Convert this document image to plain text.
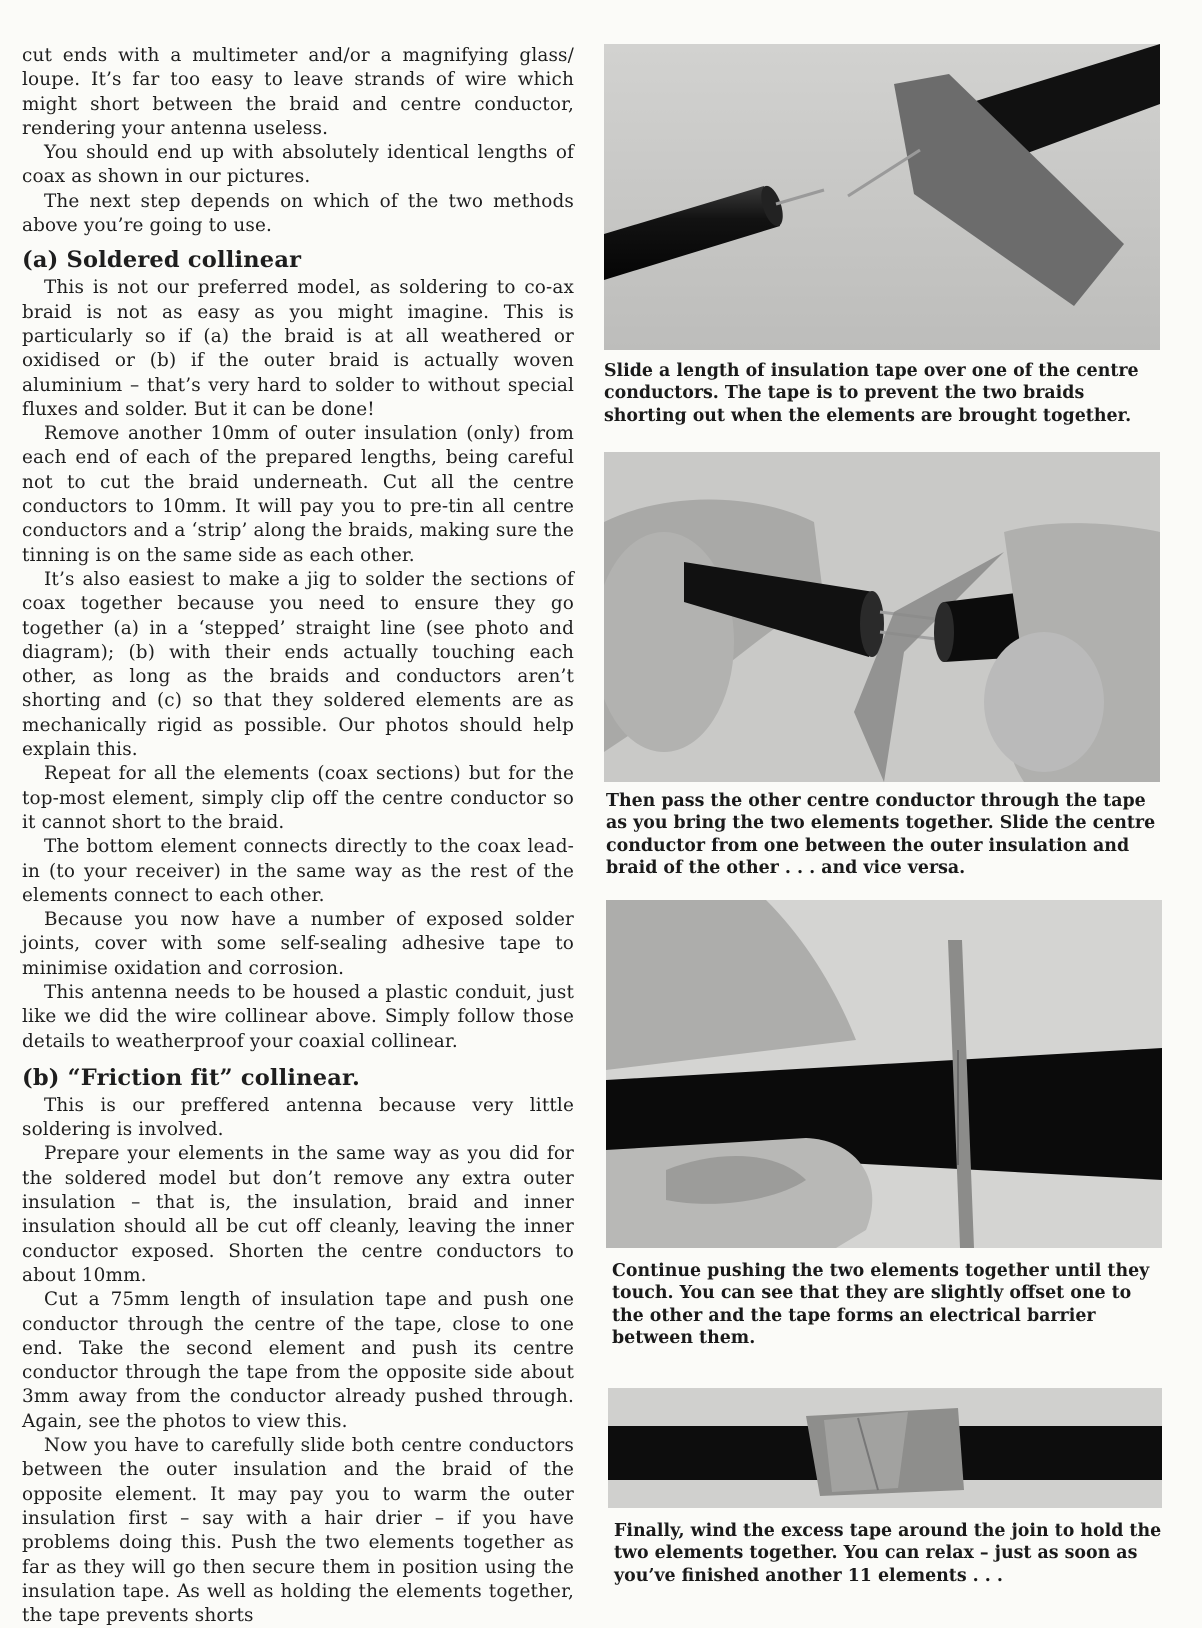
cut ends with a multimeter and/or a magnifying glass/ loupe. It’s far too easy to leave strands of wire which might short between the braid and centre conductor, rendering your antenna useless.

You should end up with absolutely identical lengths of coax as shown in our pictures.

The next step depends on which of the two methods above you’re going to use.

(a) Soldered collinear

This is not our preferred model, as soldering to co-ax braid is not as easy as you might imagine. This is particularly so if (a) the braid is at all weathered or oxidised or (b) if the outer braid is actually woven aluminium – that’s very hard to solder to without special fluxes and solder. But it can be done!

Remove another 10mm of outer insulation (only) from each end of each of the prepared lengths, being careful not to cut the braid underneath. Cut all the centre conductors to 10mm. It will pay you to pre-tin all centre conductors and a ‘strip’ along the braids, making sure the tinning is on the same side as each other.

It’s also easiest to make a jig to solder the sections of coax together because you need to ensure they go together (a) in a ‘stepped’ straight line (see photo and diagram); (b) with their ends actually touching each other, as long as the braids and conductors aren’t shorting and (c) so that they soldered elements are as mechanically rigid as possible. Our photos should help explain this.

Repeat for all the elements (coax sections) but for the top-most element, simply clip off the centre conductor so it cannot short to the braid.

The bottom element connects directly to the coax lead-in (to your receiver) in the same way as the rest of the elements connect to each other.

Because you now have a number of exposed solder joints, cover with some self-sealing adhesive tape to minimise oxidation and corrosion.

This antenna needs to be housed a plastic conduit, just like we did the wire collinear above. Simply follow those details to weatherproof your coaxial collinear.

(b) “Friction fit” collinear.

This is our preffered antenna because very little soldering is involved.

Prepare your elements in the same way as you did for the soldered model but don’t remove any extra outer insulation – that is, the insulation, braid and inner insulation should all be cut off cleanly, leaving the inner conductor exposed. Shorten the centre conductors to about 10mm.

Cut a 75mm length of insulation tape and push one conductor through the centre of the tape, close to one end. Take the second element and push its centre conductor through the tape from the opposite side about 3mm away from the conductor already pushed through. Again, see the photos to view this.

Now you have to carefully slide both centre conductors between the outer insulation and the braid of the opposite element. It may pay you to warm the outer insulation first – say with a hair drier – if you have problems doing this. Push the two elements together as far as they will go then secure them in position using the insulation tape. As well as holding the elements together, the tape prevents shorts

Slide a length of insulation tape over one of the centre conductors. The tape is to prevent the two braids shorting out when the elements are brought together.
Then pass the other centre conductor through the tape as you bring the two elements together. Slide the centre conductor from one between the outer insulation and braid of the other . . . and vice versa.
Continue pushing the two elements together until they touch. You can see that they are slightly offset one to the other and the tape forms an electrical barrier between them.
Finally, wind the excess tape around the join to hold the two elements together. You can relax – just as soon as you’ve finished another 11 elements . . .
